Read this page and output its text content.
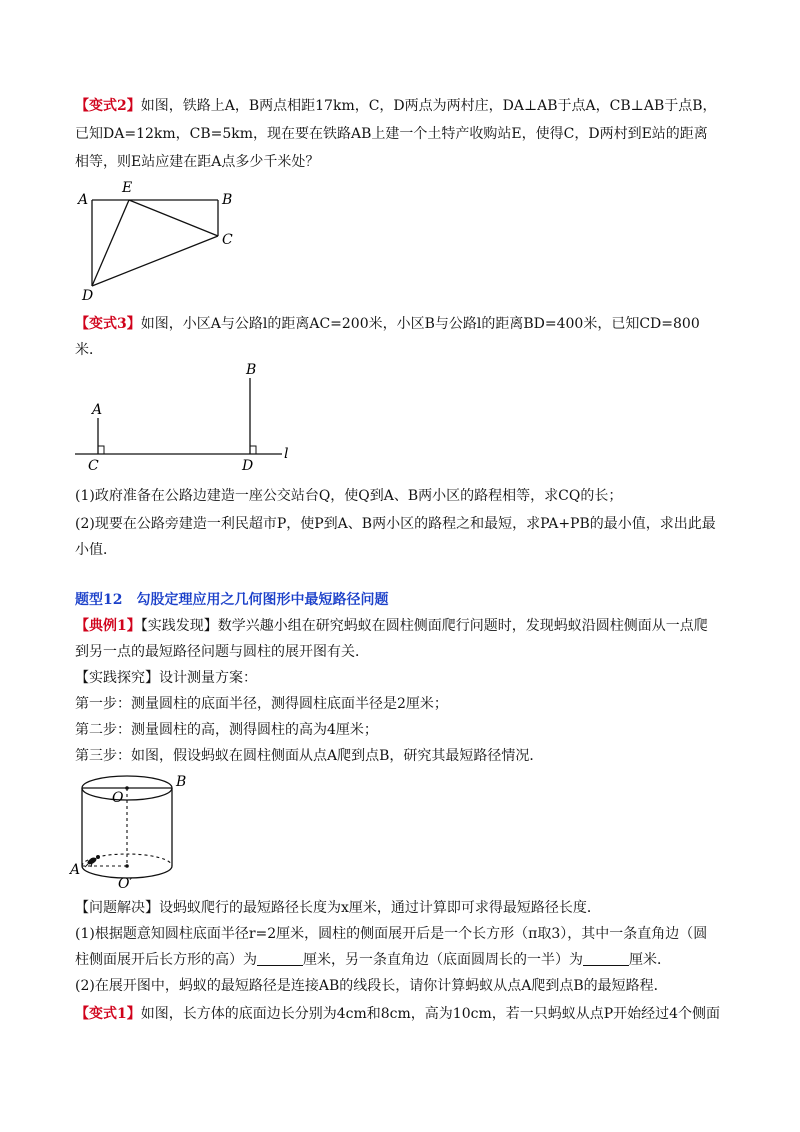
【变式2】如图，铁路上A，B两点相距17km，C，D两点为两村庄，DA⊥AB于点A，CB⊥AB于点B，
已知DA=12km，CB=5km，现在要在铁路AB上建一个土特产收购站E，使得C，D两村到E站的距离
相等，则E站应建在距A点多少千米处？
A
E
B
C
D
【变式3】如图，小区A与公路l的距离AC=200米，小区B与公路l的距离BD=400米，已知CD=800
米．
A
B
C	D
l
(1)政府准备在公路边建造一座公交站台Q，使Q到A、B两小区的路程相等，求CQ的长；
(2)现要在公路旁建造一利民超市P，使P到A、B两小区的路程之和最短，求PA+PB的最小值，求出此最
小值．
题型12　勾股定理应用之几何图形中最短路径问题
【典例1】【实践发现】数学兴趣小组在研究蚂蚁在圆柱侧面爬行问题时，发现蚂蚁沿圆柱侧面从一点爬
到另一点的最短路径问题与圆柱的展开图有关．
【实践探究】设计测量方案：
第一步：测量圆柱的底面半径，测得圆柱底面半径是2厘米；
第二步：测量圆柱的高，测得圆柱的高为4厘米；
第三步：如图，假设蚂蚁在圆柱侧面从点A爬到点B，研究其最短路径情况．
B
O
A
O′
【问题解决】设蚂蚁爬行的最短路径长度为x厘米，通过计算即可求得最短路径长度．
(1)根据题意知圆柱底面半径r=2厘米，圆柱的侧面展开后是一个长方形（π取3），其中一条直角边（圆
柱侧面展开后长方形的高）为	厘米，另一条直角边（底面圆周长的一半）为	厘米．
(2)在展开图中，蚂蚁的最短路径是连接AB的线段长，请你计算蚂蚁从点A爬到点B的最短路程．
【变式1】如图，长方体的底面边长分别为4cm和8cm，高为10cm，若一只蚂蚁从点P开始经过4个侧面
